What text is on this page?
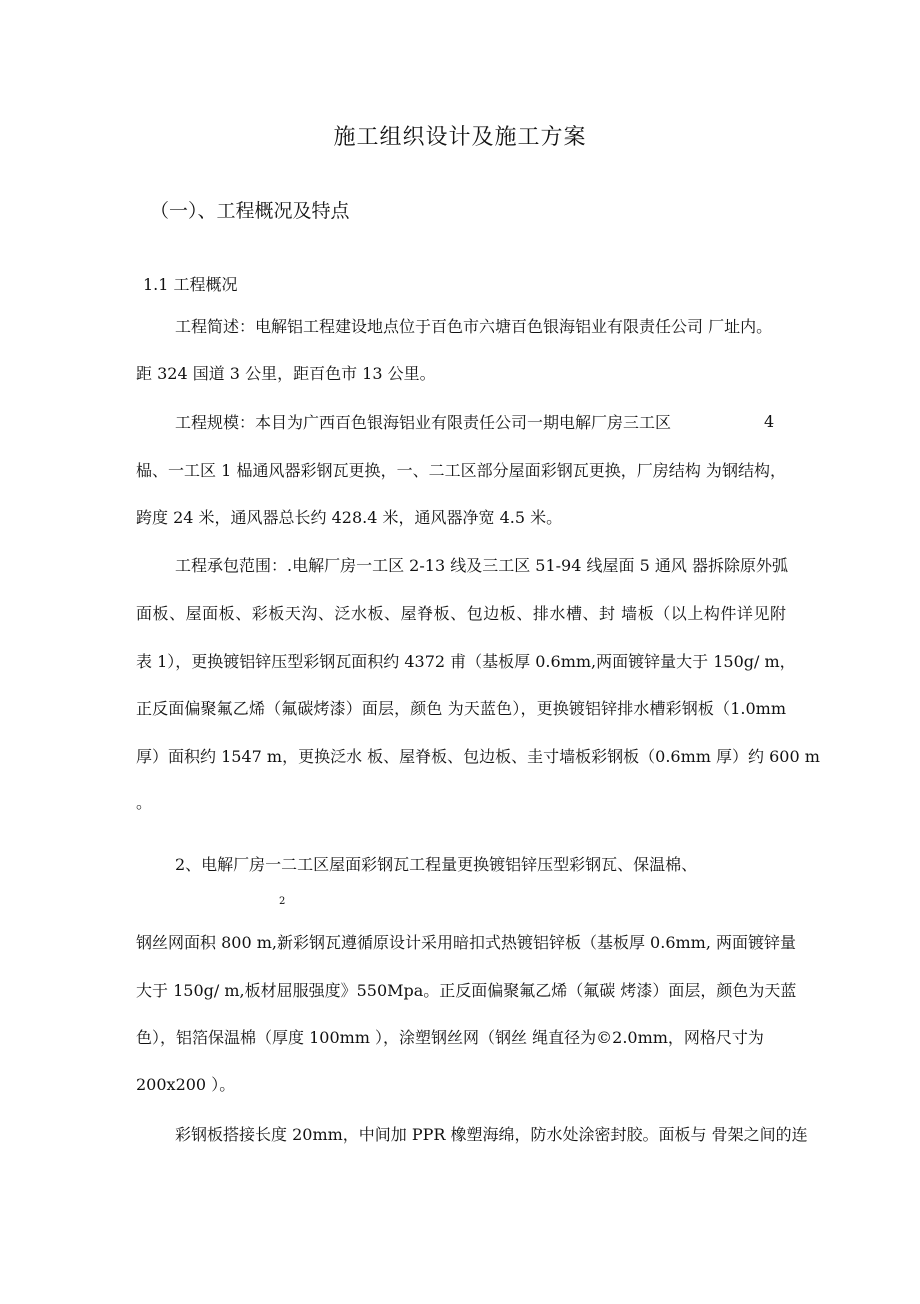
施工组织设计及施工方案
（一）、工程概况及特点
1.1 工程概况
工程简述：电解铝工程建设地点位于百色市六塘百色银海铝业有限责任公司 厂址内。
距 324 国道 3 公里，距百色市 13 公里。
工程规模：本目为广西百色银海铝业有限责任公司一期电解厂房三工区	4
榀、一工区 1 榀通风器彩钢瓦更换，一、二工区部分屋面彩钢瓦更换，厂房结构 为钢结构，
跨度 24 米，通风器总长约 428.4 米，通风器净宽 4.5 米。
工程承包范围：.电解厂房一工区 2-13 线及三工区 51-94 线屋面 5 通风 器拆除原外弧
面板、屋面板、彩板天沟、泛水板、屋脊板、包边板、排水槽、封 墙板（以上构件详见附
表 1），更换镀铝锌压型彩钢瓦面积约 4372 甫（基板厚 0.6mm,两面镀锌量大于 150g/ m，
正反面偏聚氟乙烯（氟碳烤漆）面层，颜色 为天蓝色），更换镀铝锌排水槽彩钢板（1.0mm
厚）面积约 1547 m，更换泛水 板、屋脊板、包边板、圭寸墙板彩钢板（0.6mm 厚）约 600 m
。
2、电解厂房一二工区屋面彩钢瓦工程量更换镀铝锌压型彩钢瓦、保温棉、
2
钢丝网面积 800 m,新彩钢瓦遵循原设计采用暗扣式热镀铝锌板（基板厚 0.6mm, 两面镀锌量
大于 150g/ m,板材屈服强度》550Mpa。正反面偏聚氟乙烯（氟碳 烤漆）面层，颜色为天蓝
色），铝箔保温棉（厚度 100mm ），涂塑钢丝网（钢丝 绳直径为©2.0mm，网格尺寸为
200x200 ）。
彩钢板搭接长度 20mm，中间加 PPR 橡塑海绵，防水处涂密封胶。面板与 骨架之间的连
